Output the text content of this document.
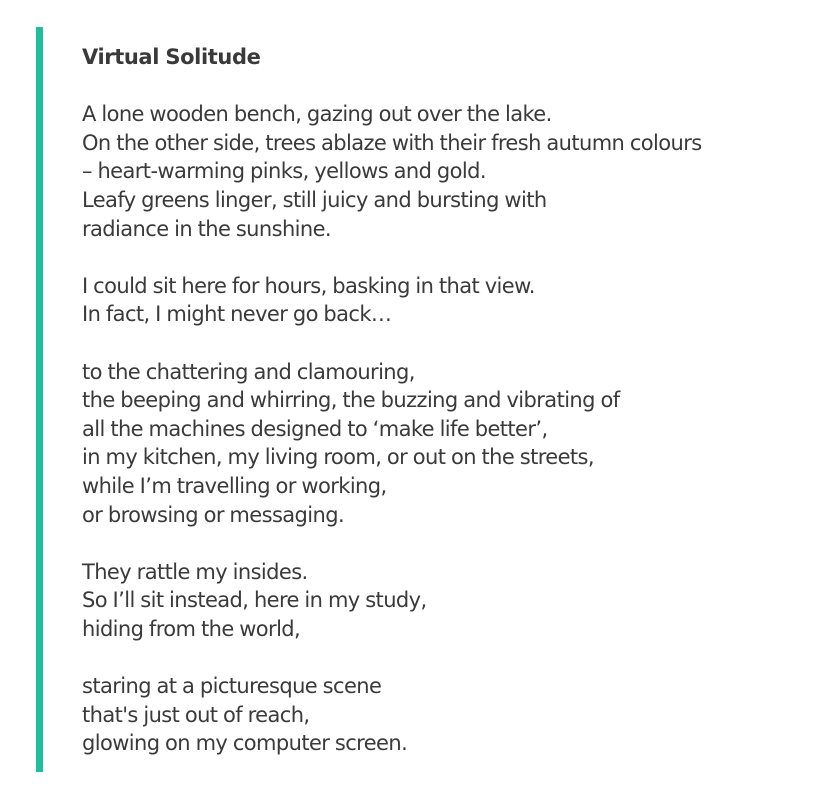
Virtual Solitude
A lone wooden bench, gazing out over the lake.
On the other side, trees ablaze with their fresh autumn colours
– heart-warming pinks, yellows and gold.
Leafy greens linger, still juicy and bursting with
radiance in the sunshine.
I could sit here for hours, basking in that view.
In fact, I might never go back…
to the chattering and clamouring,
the beeping and whirring, the buzzing and vibrating of
all the machines designed to ‘make life better’,
in my kitchen, my living room, or out on the streets,
while I’m travelling or working,
or browsing or messaging.
They rattle my insides.
So I’ll sit instead, here in my study,
hiding from the world,
staring at a picturesque scene
that's just out of reach,
glowing on my computer screen.
